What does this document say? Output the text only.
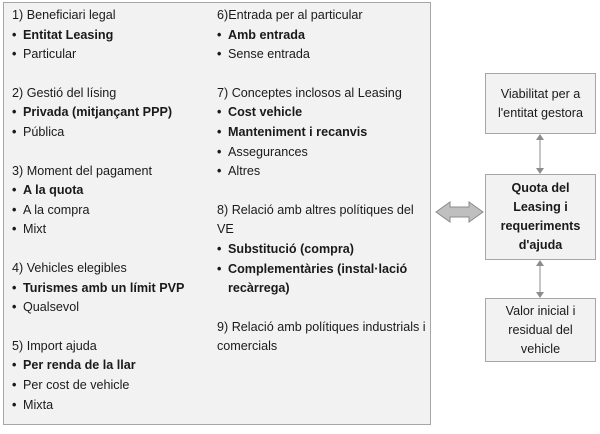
1) Beneficiari legal
• Entitat Leasing
• Particular
2) Gestió del lísing
• Privada (mitjançant PPP)
• Pública
3) Moment del pagament
• A la quota
• A la compra
• Mixt
4) Vehicles elegibles
• Turismes amb un límit PVP
• Qualsevol
5) Import ajuda
• Per renda de la llar
• Per cost de vehicle
• Mixta
6)Entrada per al particular
• Amb entrada
• Sense entrada
7) Conceptes inclosos al Leasing
• Cost vehicle
• Manteniment i recanvis
• Assegurances
• Altres
8) Relació amb altres polítiques del VE
• Substitució (compra)
• Complementàries (instal·lació recàrrega)
9) Relació amb polítiques industrials i comercials
Viabilitat per a l'entitat gestora
Quota del Leasing i requeriments d'ajuda
Valor inicial i residual del vehicle
